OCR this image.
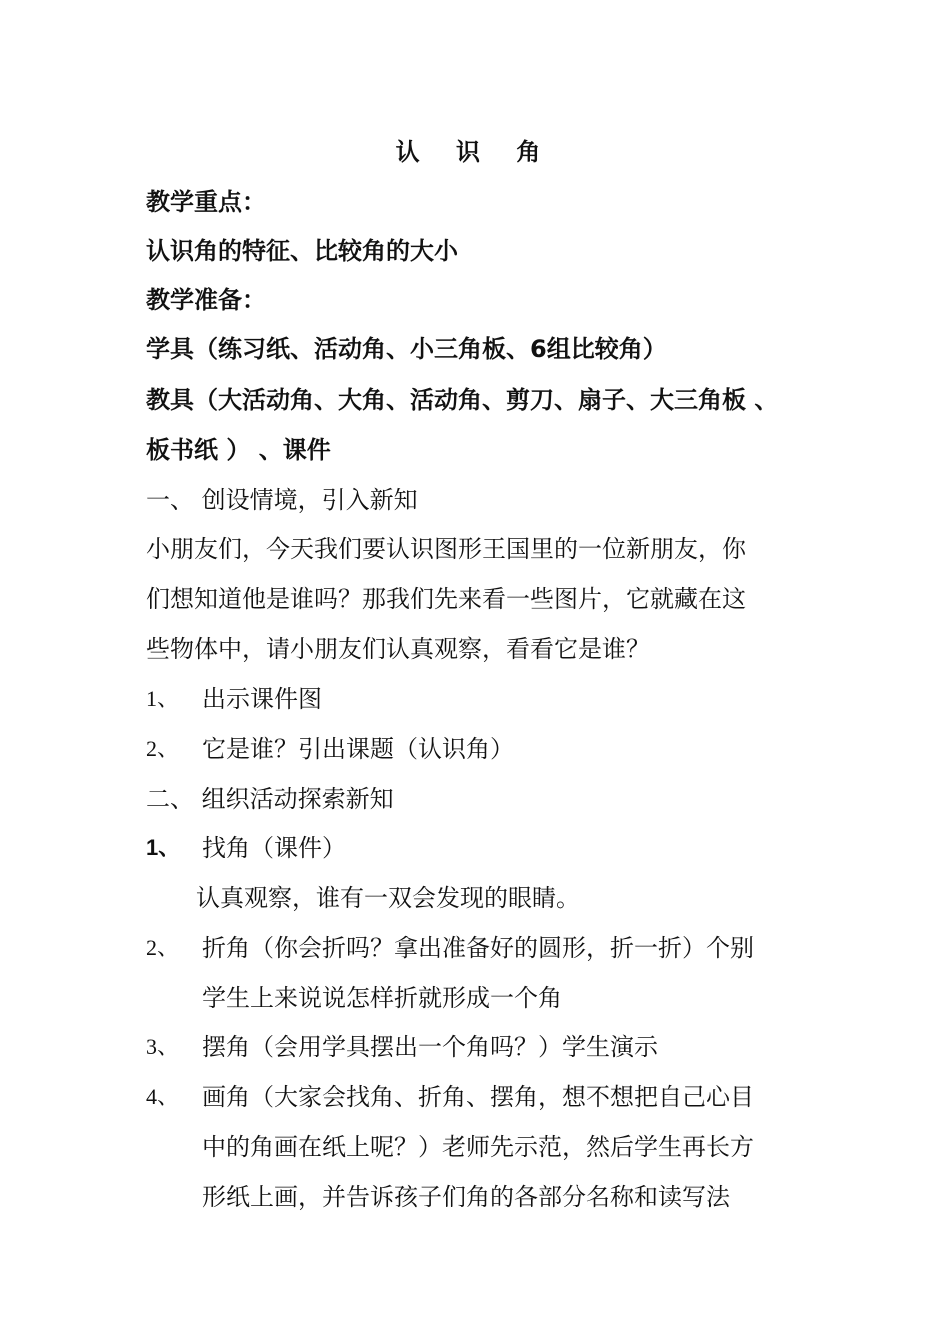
认 识 角
教学重点：
认识角的特征、比较角的大小
教学准备：
学具（练习纸、活动角、小三角板、6组比较角）
教具（大活动角、大角、活动角、剪刀、扇子、大三角板 、
板书纸 ） 、课件
一、 创设情境，引入新知
小朋友们，今天我们要认识图形王国里的一位新朋友，你
们想知道他是谁吗？那我们先来看一些图片，它就藏在这
些物体中，请小朋友们认真观察，看看它是谁？
1、 出示课件图
2、 它是谁？引出课题（认识角）
二、 组织活动探索新知
1、 找角（课件）
认真观察，谁有一双会发现的眼睛。
2、 折角（你会折吗？拿出准备好的圆形，折一折）个别
学生上来说说怎样折就形成一个角
3、 摆角（会用学具摆出一个角吗？）学生演示
4、 画角（大家会找角、折角、摆角，想不想把自己心目
中的角画在纸上呢？）老师先示范，然后学生再长方
形纸上画，并告诉孩子们角的各部分名称和读写法
